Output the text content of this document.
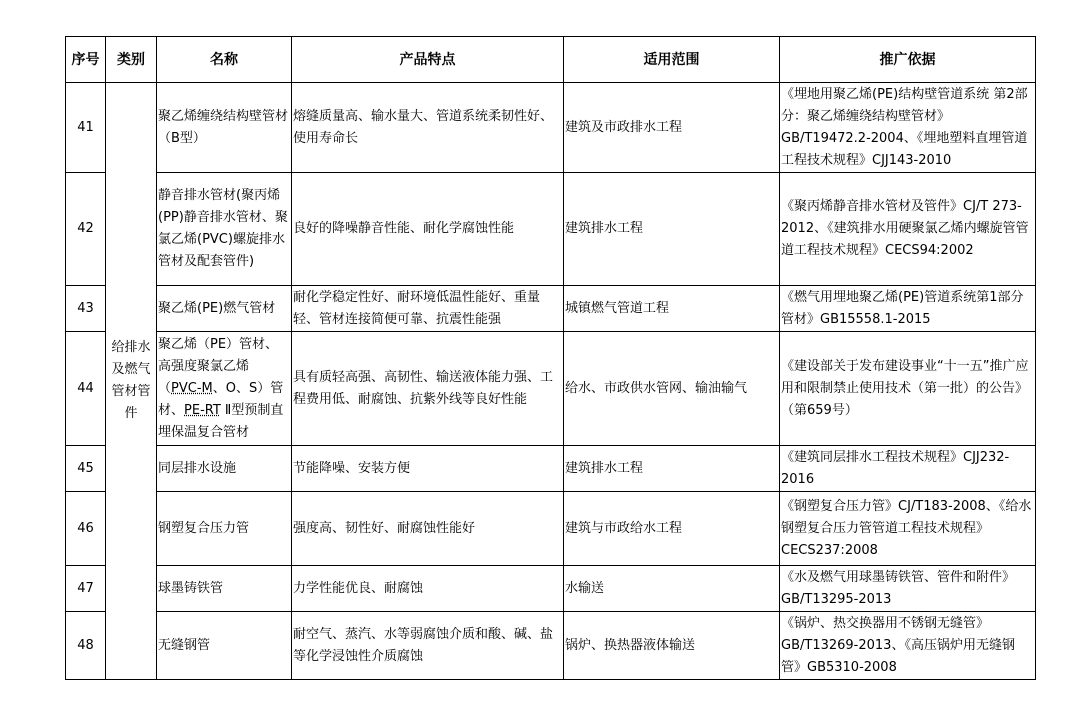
序号	类别	名称	产品特点	适用范围	推广依据
41	给排水及燃气管材管件	聚乙烯缠绕结构壁管材（B型）	熔缝质量高、输水量大、管道系统柔韧性好、使用寿命长	建筑及市政排水工程	《埋地用聚乙烯(PE)结构壁管道系统 第2部分：聚乙烯缠绕结构壁管材》GB/T19472.2-2004、《埋地塑料直埋管道工程技术规程》CJJ143-2010
42		静音排水管材(聚丙烯(PP)静音排水管材、聚氯乙烯(PVC)螺旋排水管材及配套管件)	良好的降噪静音性能、耐化学腐蚀性能	建筑排水工程	《聚丙烯静音排水管材及管件》CJ/T 273-2012、《建筑排水用硬聚氯乙烯内螺旋管管道工程技术规程》CECS94:2002
43		聚乙烯(PE)燃气管材	耐化学稳定性好、耐环境低温性能好、重量轻、管材连接简便可靠、抗震性能强	城镇燃气管道工程	《燃气用埋地聚乙烯(PE)管道系统第1部分 管材》GB15558.1-2015
44		聚乙烯（PE）管材、高强度聚氯乙烯（PVC-M、O、S）管材、PE-RT Ⅱ型预制直埋保温复合管材	具有质轻高强、高韧性、输送液体能力强、工程费用低、耐腐蚀、抗紫外线等良好性能	给水、市政供水管网、输油输气	《建设部关于发布建设事业“十一五”推广应用和限制禁止使用技术（第一批）的公告》（第659号）
45		同层排水设施	节能降噪、安装方便	建筑排水工程	《建筑同层排水工程技术规程》CJJ232-2016
46		钢塑复合压力管	强度高、韧性好、耐腐蚀性能好	建筑与市政给水工程	《钢塑复合压力管》CJ/T183-2008、《给水钢塑复合压力管管道工程技术规程》CECS237:2008
47		球墨铸铁管	力学性能优良、耐腐蚀	水输送	《水及燃气用球墨铸铁管、管件和附件》GB/T13295-2013
48		无缝钢管	耐空气、蒸汽、水等弱腐蚀介质和酸、碱、盐等化学浸蚀性介质腐蚀	锅炉、换热器液体输送	《锅炉、热交换器用不锈钢无缝管》GB/T13269-2013、《高压锅炉用无缝钢管》GB5310-2008
